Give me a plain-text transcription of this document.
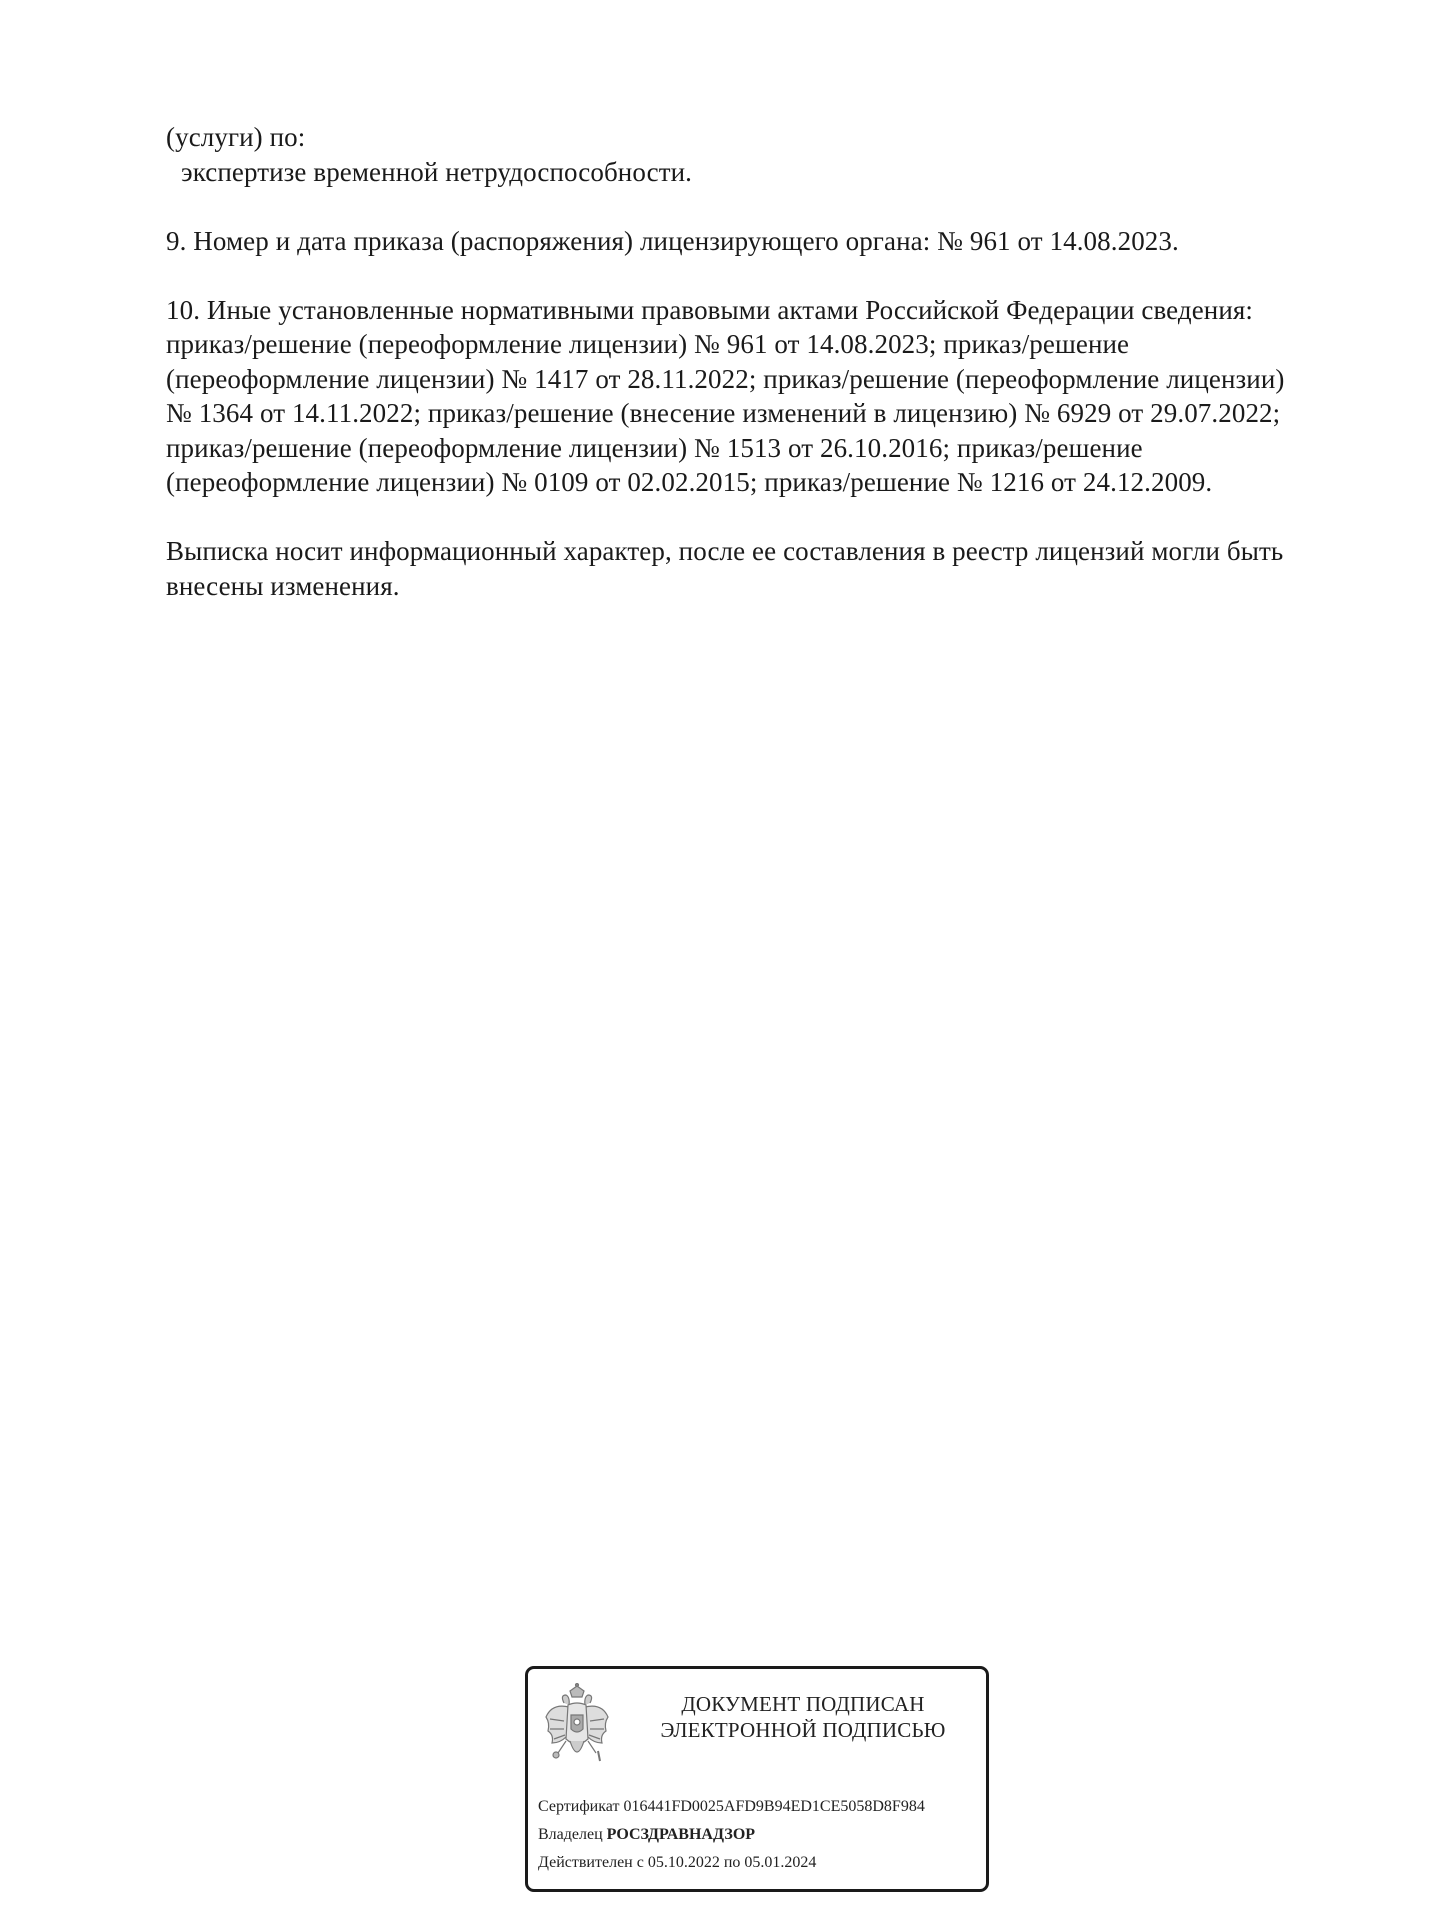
(услуги) по:
экспертизе временной нетрудоспособности.
9. Номер и дата приказа (распоряжения) лицензирующего органа: № 961 от 14.08.2023.
10. Иные установленные нормативными правовыми актами Российской Федерации сведения:
приказ/решение (переоформление лицензии) № 961 от 14.08.2023; приказ/решение
(переоформление лицензии) № 1417 от 28.11.2022; приказ/решение (переоформление лицензии)
№ 1364 от 14.11.2022; приказ/решение (внесение изменений в лицензию) № 6929 от 29.07.2022;
приказ/решение (переоформление лицензии) № 1513 от 26.10.2016; приказ/решение
(переоформление лицензии) № 0109 от 02.02.2015; приказ/решение № 1216 от 24.12.2009.
Выписка носит информационный характер, после ее составления в реестр лицензий могли быть
внесены изменения.
ДОКУМЕНТ ПОДПИСАН
ЭЛЕКТРОННОЙ ПОДПИСЬЮ
Сертификат 016441FD0025AFD9B94ED1CE5058D8F984
Владелец РОСЗДРАВНАДЗОР
Действителен с 05.10.2022 по 05.01.2024
